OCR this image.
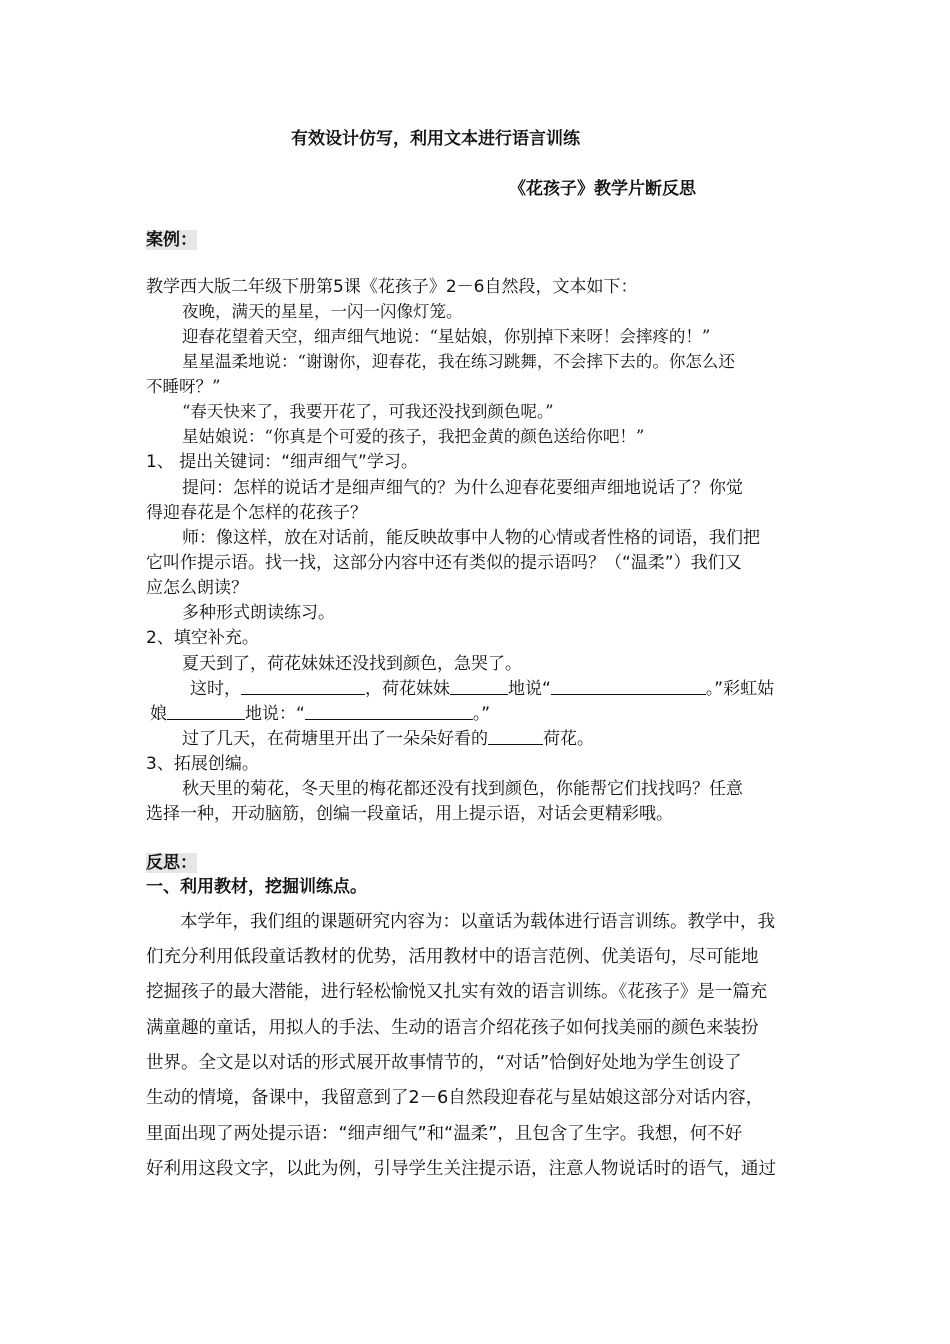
有效设计仿写，利用文本进行语言训练
《花孩子》教学片断反思
案例：
教学西大版二年级下册第5课《花孩子》2－6自然段，文本如下：
夜晚，满天的星星，一闪一闪像灯笼。
迎春花望着天空，细声细气地说：“星姑娘，你别掉下来呀！会摔疼的！”
星星温柔地说：“谢谢你，迎春花，我在练习跳舞，不会摔下去的。你怎么还
不睡呀？”
“春天快来了，我要开花了，可我还没找到颜色呢。”
星姑娘说：“你真是个可爱的孩子，我把金黄的颜色送给你吧！”
1、 提出关键词：“细声细气”学习。
提问：怎样的说话才是细声细气的？为什么迎春花要细声细地说话了？你觉
得迎春花是个怎样的花孩子？
师：像这样，放在对话前，能反映故事中人物的心情或者性格的词语，我们把
它叫作提示语。找一找，这部分内容中还有类似的提示语吗？（“温柔”）我们又
应怎么朗读？
多种形式朗读练习。
2、填空补充。
夏天到了，荷花妹妹还没找到颜色，急哭了。
这时，	，荷花妹妹	地说“	。”彩虹姑
娘	地说：“	。”
过了几天，在荷塘里开出了一朵朵好看的	荷花。
3、拓展创编。
秋天里的菊花，冬天里的梅花都还没有找到颜色，你能帮它们找找吗？任意
选择一种，开动脑筋，创编一段童话，用上提示语，对话会更精彩哦。
反思：
一、利用教材，挖掘训练点。
本学年，我们组的课题研究内容为：以童话为载体进行语言训练。教学中，我
们充分利用低段童话教材的优势，活用教材中的语言范例、优美语句，尽可能地
挖掘孩子的最大潜能，进行轻松愉悦又扎实有效的语言训练。《花孩子》是一篇充
满童趣的童话，用拟人的手法、生动的语言介绍花孩子如何找美丽的颜色来装扮
世界。全文是以对话的形式展开故事情节的，“对话”恰倒好处地为学生创设了
生动的情境，备课中，我留意到了2－6自然段迎春花与星姑娘这部分对话内容，
里面出现了两处提示语：“细声细气”和“温柔”，且包含了生字。我想，何不好
好利用这段文字，以此为例，引导学生关注提示语，注意人物说话时的语气，通过
